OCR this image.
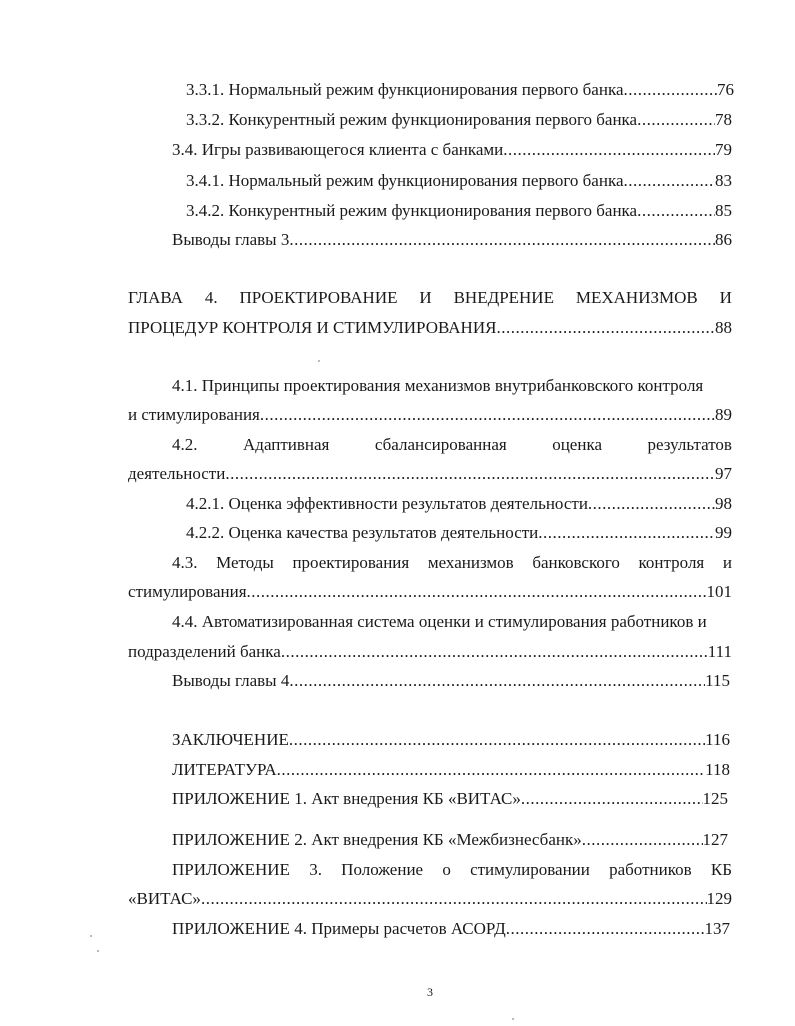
3.3.1. Нормальный режим функционирования первого банка .....	76
3.3.2. Конкурентный режим функционирования первого банка .....	78
3.4. Игры развивающегося клиента с банками .....	79
3.4.1. Нормальный режим функционирования первого банка .....	83
3.4.2. Конкурентный режим функционирования первого банка .....	85
Выводы главы 3 .....	86
ГЛАВА 4. ПРОЕКТИРОВАНИЕ И ВНЕДРЕНИЕ МЕХАНИЗМОВ И
ПРОЦЕДУР КОНТРОЛЯ И СТИМУЛИРОВАНИЯ .....	88
4.1. Принципы проектирования механизмов внутрибанковского контроля
и стимулирования .....	89
4.2.	Адаптивная	сбалансированная	оценка	результатов
деятельности .....	97
4.2.1. Оценка эффективности результатов деятельности .....	98
4.2.2. Оценка качества результатов деятельности .....	99
4.3. Методы проектирования механизмов банковского контроля и
стимулирования .....	101
4.4. Автоматизированная система оценки и стимулирования работников и
подразделений банка .....	111
Выводы главы 4 .....	115
ЗАКЛЮЧЕНИЕ .....	116
ЛИТЕРАТУРА .....	118
ПРИЛОЖЕНИЕ 1. Акт внедрения КБ «ВИТАС» .....	125
ПРИЛОЖЕНИЕ 2. Акт внедрения КБ «Межбизнесбанк» .....	127
ПРИЛОЖЕНИЕ 3. Положение о стимулировании работников КБ
«ВИТАС» .....	129
ПРИЛОЖЕНИЕ 4. Примеры расчетов АСОРД .....	137
3
